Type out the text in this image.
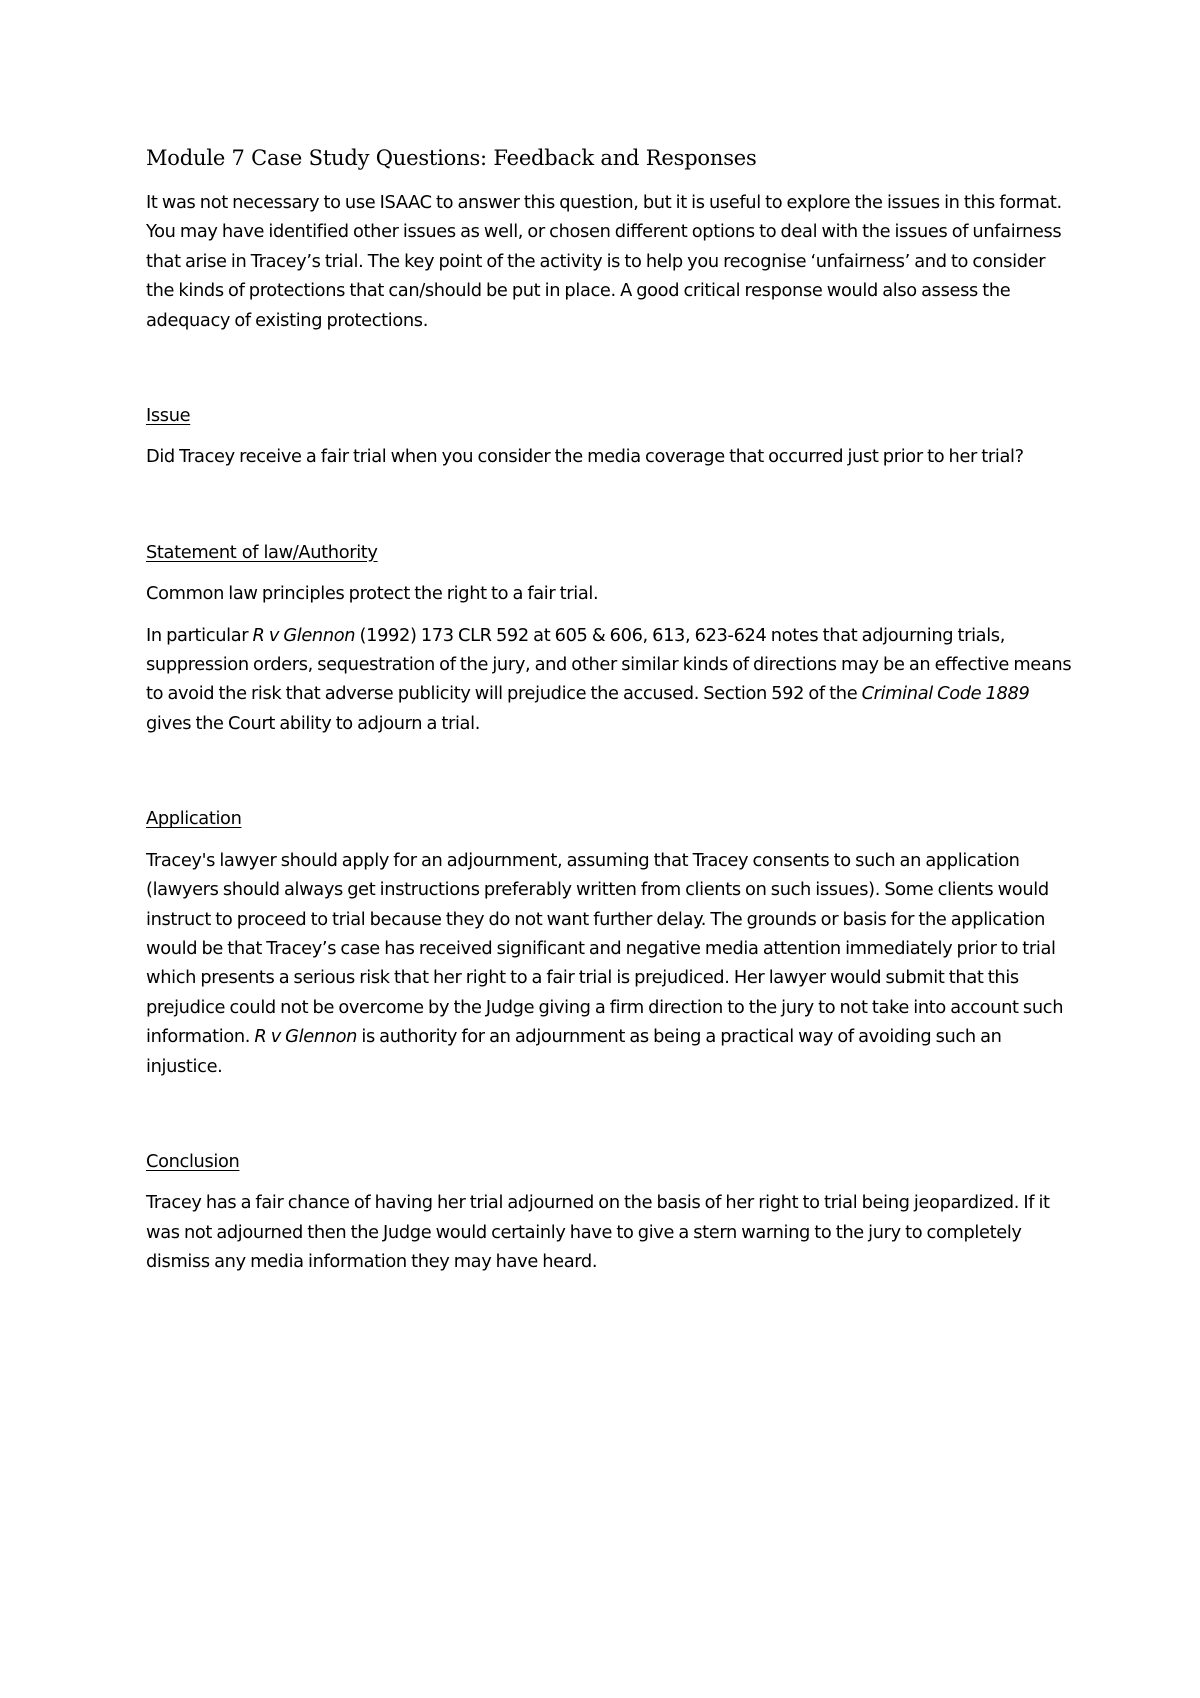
Module 7 Case Study Questions: Feedback and Responses

It was not necessary to use ISAAC to answer this question, but it is useful to explore the issues in this format. You may have identified other issues as well, or chosen different options to deal with the issues of unfairness that arise in Tracey’s trial. The key point of the activity is to help you recognise ‘unfairness’ and to consider the kinds of protections that can/should be put in place. A good critical response would also assess the adequacy of existing protections.

Issue

Did Tracey receive a fair trial when you consider the media coverage that occurred just prior to her trial?

Statement of law/Authority

Common law principles protect the right to a fair trial.

In particular R v Glennon (1992) 173 CLR 592 at 605 & 606, 613, 623-624 notes that adjourning trials, suppression orders, sequestration of the jury, and other similar kinds of directions may be an effective means to avoid the risk that adverse publicity will prejudice the accused. Section 592 of the Criminal Code 1889 gives the Court ability to adjourn a trial.

Application

Tracey's lawyer should apply for an adjournment, assuming that Tracey consents to such an application (lawyers should always get instructions preferably written from clients on such issues). Some clients would instruct to proceed to trial because they do not want further delay. The grounds or basis for the application would be that Tracey’s case has received significant and negative media attention immediately prior to trial which presents a serious risk that her right to a fair trial is prejudiced. Her lawyer would submit that this prejudice could not be overcome by the Judge giving a firm direction to the jury to not take into account such information. R v Glennon is authority for an adjournment as being a practical way of avoiding such an injustice.

Conclusion

Tracey has a fair chance of having her trial adjourned on the basis of her right to trial being jeopardized. If it was not adjourned then the Judge would certainly have to give a stern warning to the jury to completely dismiss any media information they may have heard.
